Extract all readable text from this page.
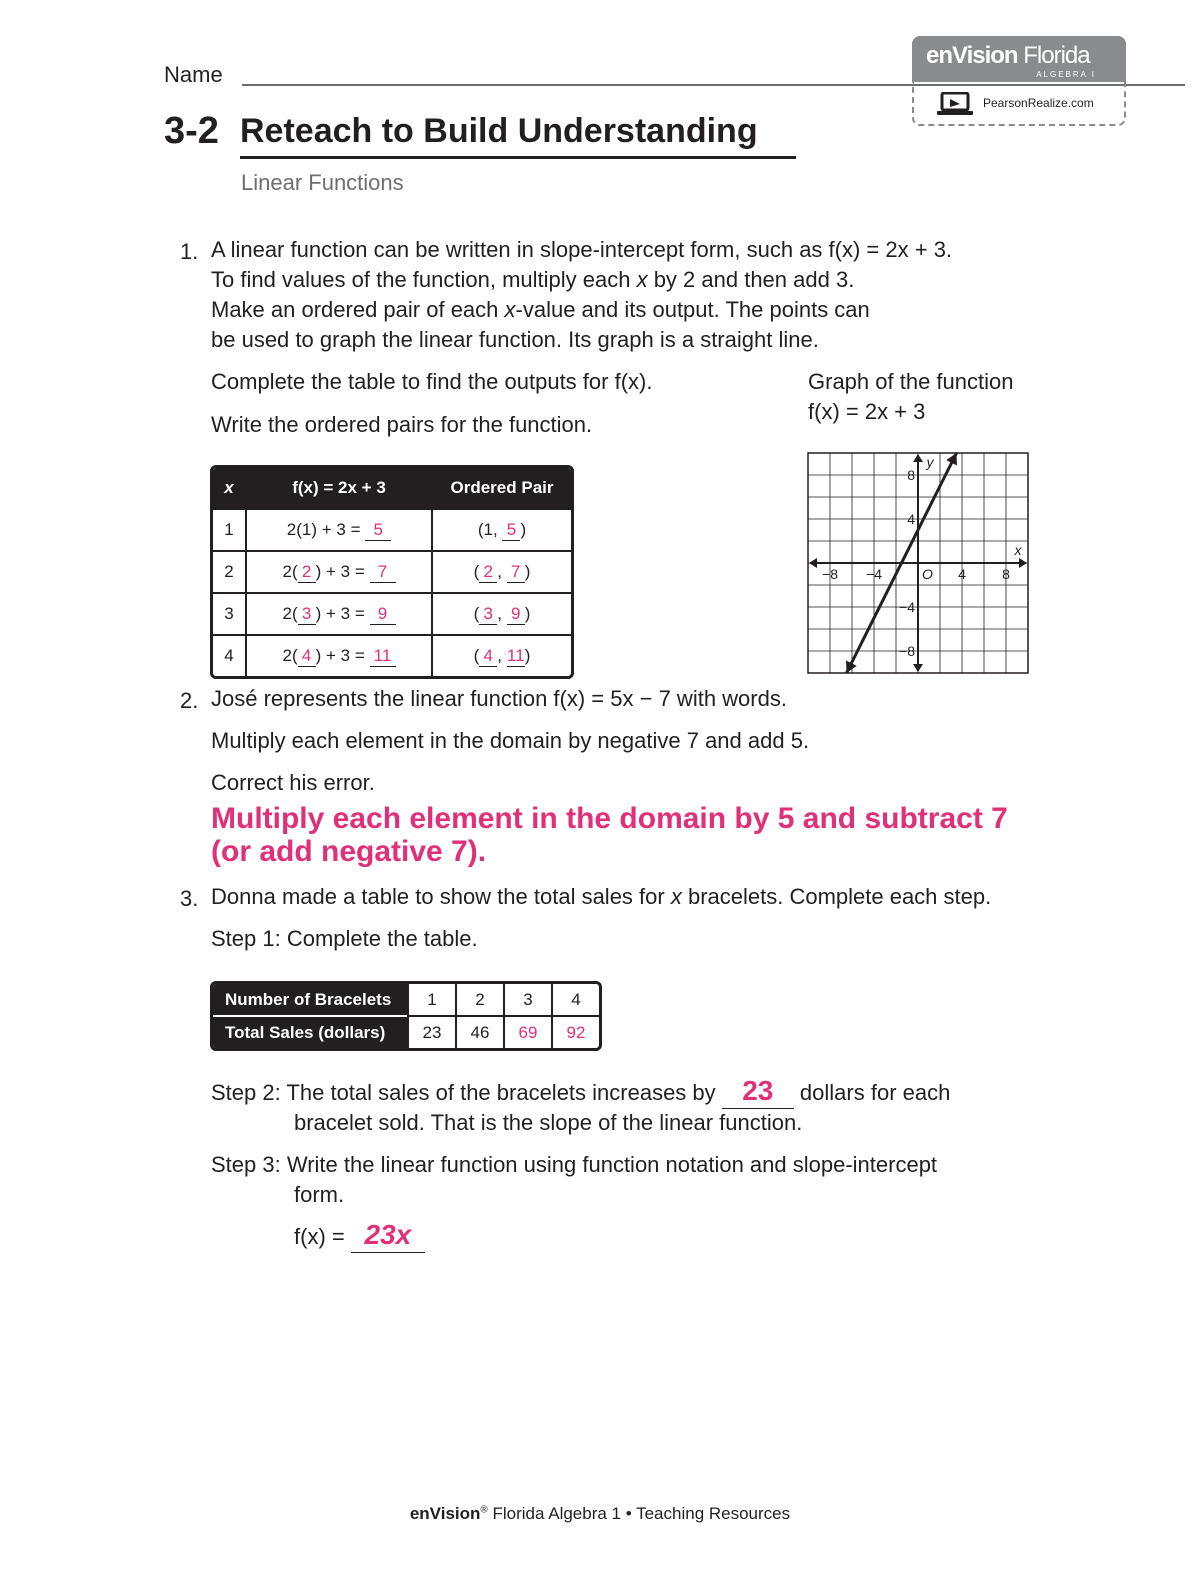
Name
enVision Florida
ALGEBRA I
PearsonRealize.com
3-2 Reteach to Build Understanding
Linear Functions
1. A linear function can be written in slope-intercept form, such as f(x) = 2x + 3.
To find values of the function, multiply each x by 2 and then add 3.
Make an ordered pair of each x-value and its output. The points can
be used to graph the linear function. Its graph is a straight line.
Complete the table to find the outputs for f(x).
Write the ordered pairs for the function.
Graph of the function
f(x) = 2x + 3
x	f(x) = 2x + 3	Ordered Pair
1	2(1) + 3 = 5	(1, 5 )
2	2( 2 ) + 3 = 7	( 2 , 7 )
3	2( 3 ) + 3 = 9	( 3 , 9 )
4	2( 4 ) + 3 = 11	( 4 , 11)
−8 −4	4	8
8
4
−4
−8
O
x
y
2. José represents the linear function f(x) = 5x − 7 with words.
Multiply each element in the domain by negative 7 and add 5.
Correct his error.
Multiply each element in the domain by 5 and subtract 7
(or add negative 7).
3. Donna made a table to show the total sales for x bracelets. Complete each step.
Step 1: Complete the table.
Number of Bracelets	1	2	3	4
Total Sales (dollars)	23	46	69	92
Step 2: The total sales of the bracelets increases by 23	dollars for each
bracelet sold. That is the slope of the linear function.
Step 3: Write the linear function using function notation and slope-intercept
form.
f(x) = 23x

enVision® Florida Algebra 1 • Teaching Resources
